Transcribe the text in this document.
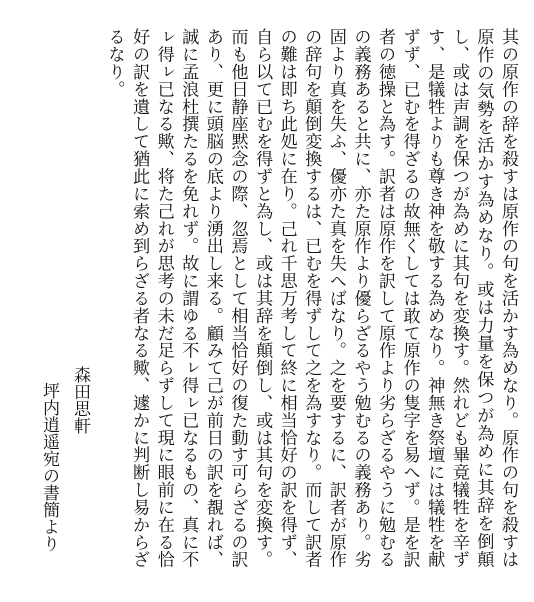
其の原作の辞を殺すは原作の句を活かす為めなり。原作の句を殺すは原作の気勢を活かす為めなり。或は力量を保つが為めに其辞を倒顛し、或は声調を保つが為めに其句を変換す。然れども畢竟犠牲を辛ずす、是犠牲よりも尊き神を敬する為めなり。神無き祭壇には犠牲を献ずず、已むを得ざるの故無くしては敢て原作の隻字を易へず。是を訳者の徳操と為す。訳者は原作を訳して原作より劣らざるやうに勉むるの義務あると共に、亦た原作より優らざるやう勉むるの義務あり。劣固より真を失ふ、優亦た真を失へばなり。之を要するに、訳者が原作の辞句を顛倒変換するは、已むを得ずして之を為すなり。而して訳者の難は即ち此処に在り。己れ千思万考して終に相当恰好の訳を得ず、自ら以て已むを得ずと為し、或は其辞を顛倒し、或は其句を変換す。而も他日静座黙念の際、忽焉として相当恰好の復た動す可らざるの訳あり、更に頭脳の底より湧出し来る。顧みて己が前日の訳を覩れば、誠に孟浪杜撰たるを免れず。故に謂ゆる不ㇾ得ㇾ已なるもの、真に不ㇾ得ㇾ已なる歟、将た己れが思考の未だ足らずして現に眼前に在る恰好の訳を遺して猶此に索め到らざる者なる歟、遽かに判断し易からざるなり。

森田思軒
坪内逍遥宛の書簡より
